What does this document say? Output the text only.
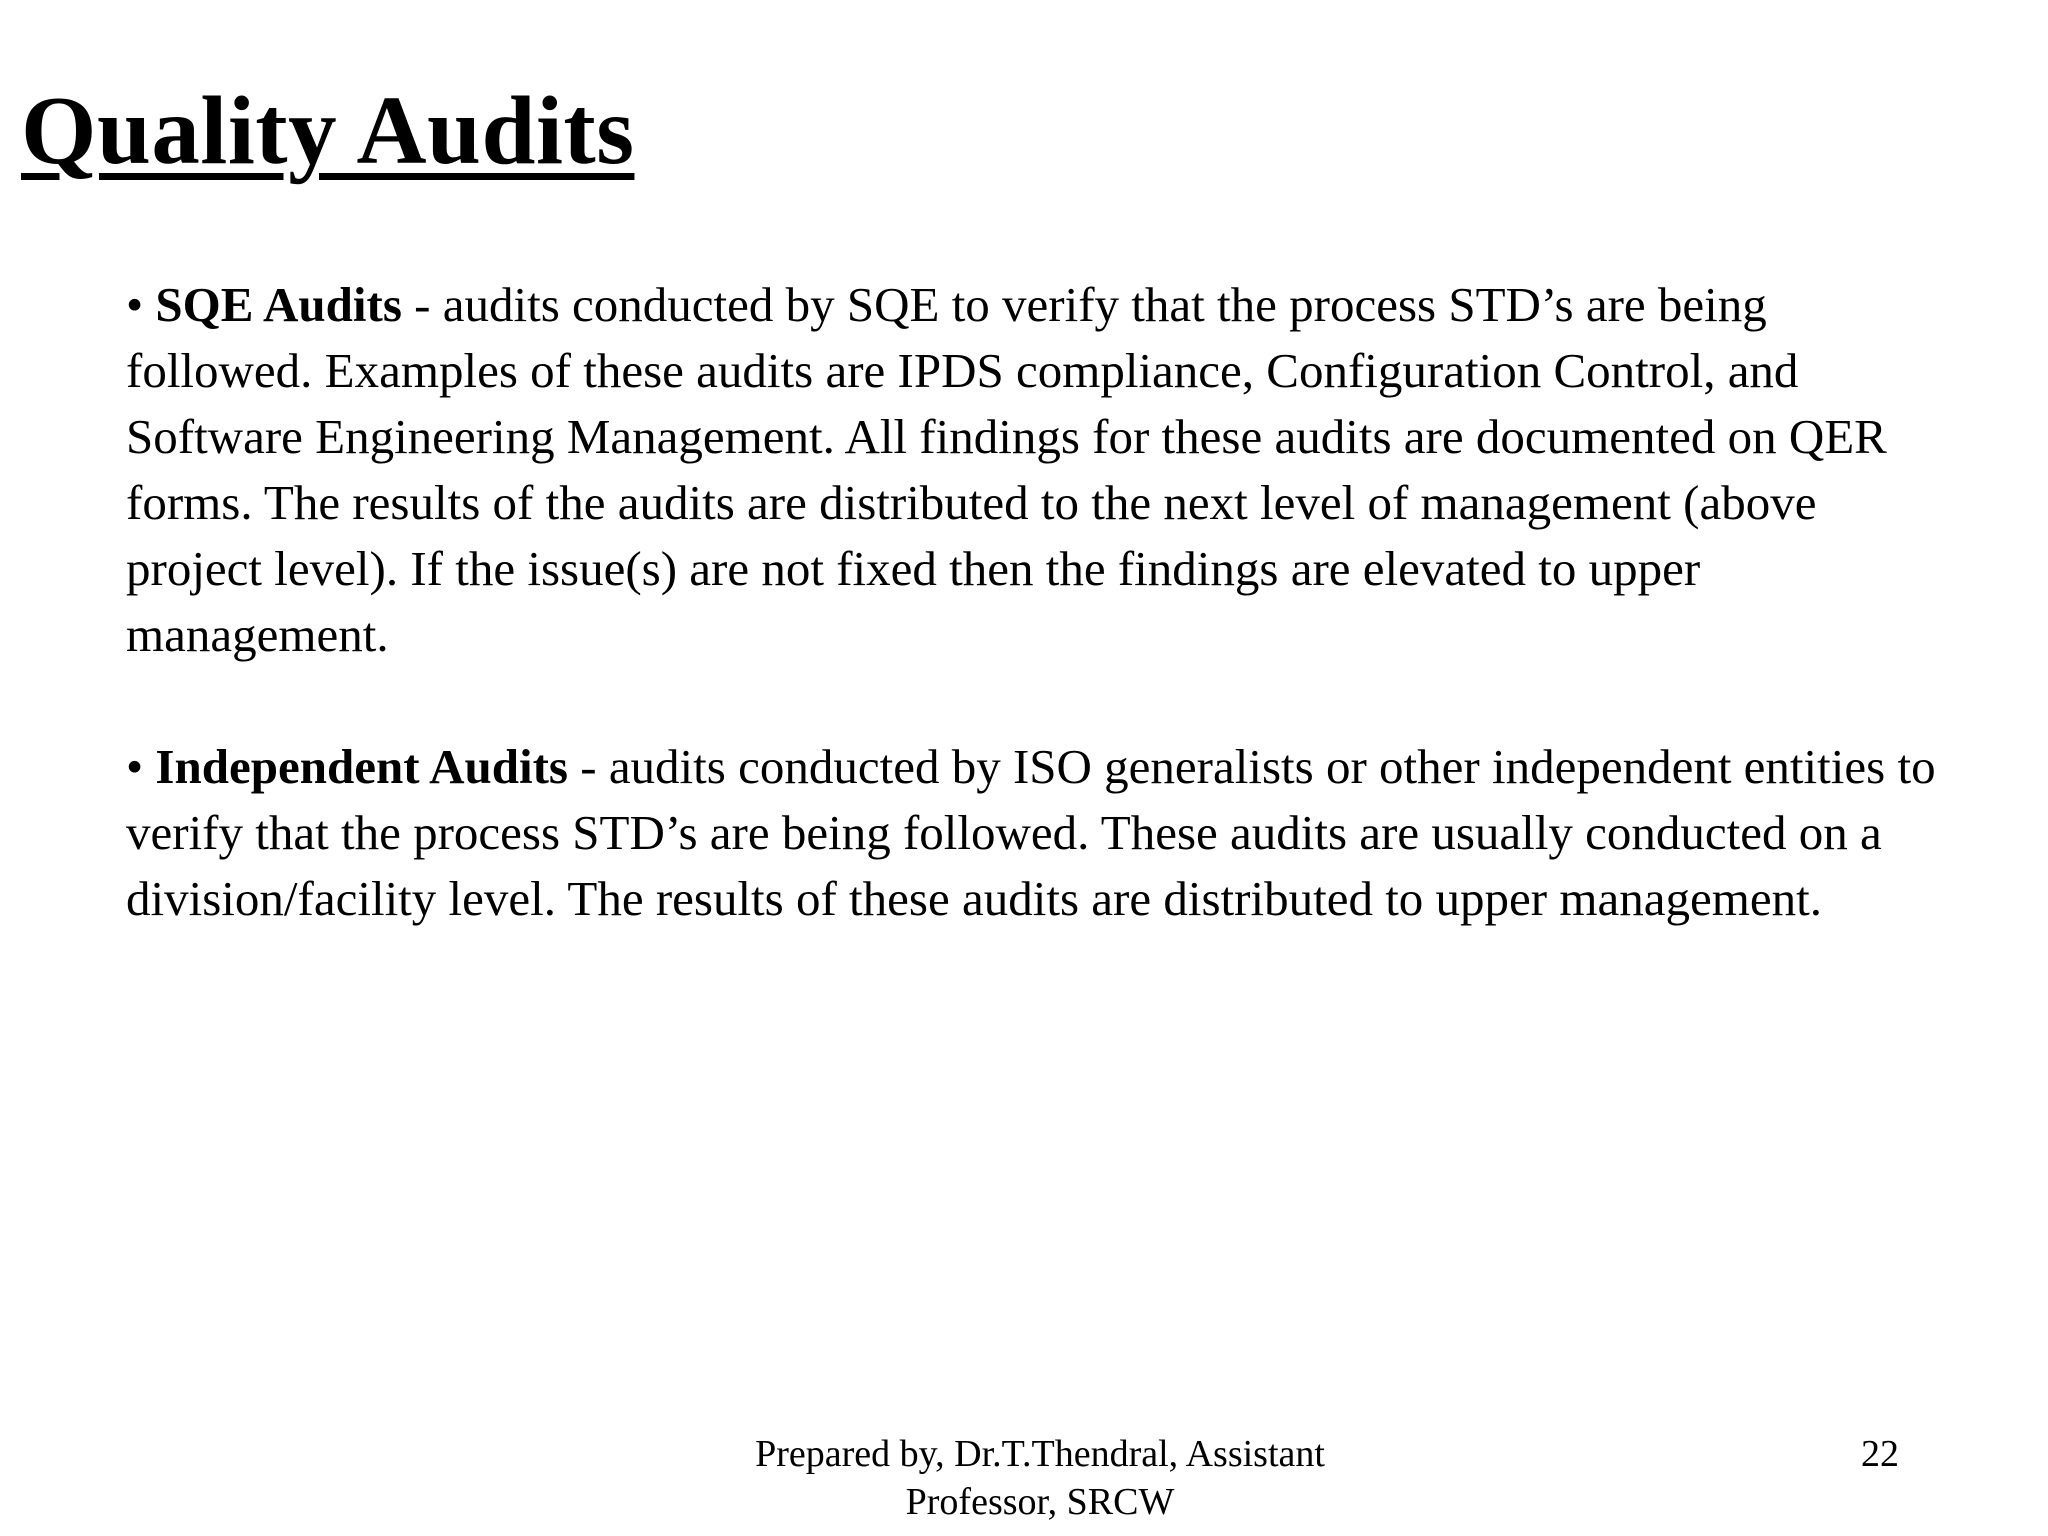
Quality Audits

• SQE Audits - audits conducted by SQE to verify that the process STD’s are being followed. Examples of these audits are IPDS compliance, Configuration Control, and Software Engineering Management. All findings for these audits are documented on QER forms. The results of the audits are distributed to the next level of management (above project level). If the issue(s) are not fixed then the findings are elevated to upper management.

• Independent Audits - audits conducted by ISO generalists or other independent entities to verify that the process STD’s are being followed. These audits are usually conducted on a division/facility level. The results of these audits are distributed to upper management.

Prepared by, Dr.T.Thendral, Assistant
Professor, SRCW
22
